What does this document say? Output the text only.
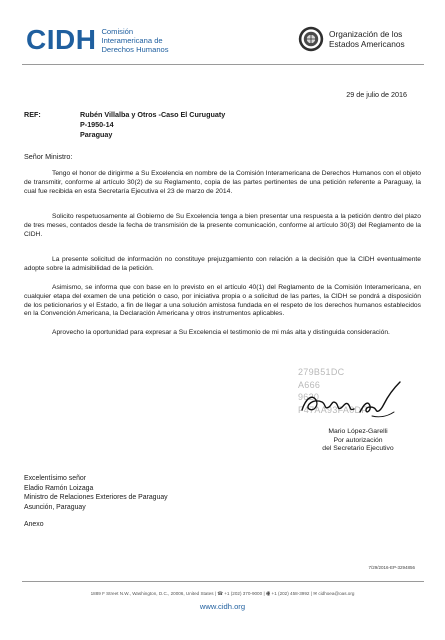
CIDH Comisión
Interamericana de
Derechos Humanos
Organización de los
Estados Americanos
29 de julio de 2016
REF:	Rubén Villalba y Otros -Caso El Curuguaty
P-1950-14
Paraguay
Señor Ministro:

Tengo el honor de dirigirme a Su Excelencia en nombre de la Comisión Interamericana de Derechos Humanos con el objeto de transmitir, conforme al artículo 30(2) de su Reglamento, copia de las partes pertinentes de una petición referente a Paraguay, la cual fue recibida en esta Secretaría Ejecutiva el 23 de marzo de 2014.

Solicito respetuosamente al Gobierno de Su Excelencia tenga a bien presentar una respuesta a la petición dentro del plazo de tres meses, contados desde la fecha de transmisión de la presente comunicación, conforme al artículo 30(3) del Reglamento de la CIDH.

La presente solicitud de información no constituye prejuzgamiento con relación a la decisión que la CIDH eventualmente adopte sobre la admisibilidad de la petición.

Asimismo, se informa que con base en lo previsto en el artículo 40(1) del Reglamento de la Comisión Interamericana, en cualquier etapa del examen de una petición o caso, por iniciativa propia o a solicitud de las partes, la CIDH se pondrá a disposición de los peticionarios y el Estado, a fin de llegar a una solución amistosa fundada en el respeto de los derechos humanos establecidos en la Convención Americana, la Declaración Americana y otros instrumentos aplicables.

Aprovecho la oportunidad para expresar a Su Excelencia el testimonio de mi más alta y distinguida consideración.

279B51DC
A666
9620
F47AA93FA0DF
Mario López-Garelli
Por autorización
del Secretario Ejecutivo
Excelentísimo señor
Eladio Ramón Loizaga
Ministro de Relaciones Exteriores de Paraguay
Asunción, Paraguay
Anexo
7/29/2016-EP-3294856
1889 F Street N.W., Washington, D.C., 20006, United States | ☎ +1 (202) 370-9000 | 🖷 +1 (202) 458-3992 | ✉ cidhoea@oas.org
www.cidh.org
